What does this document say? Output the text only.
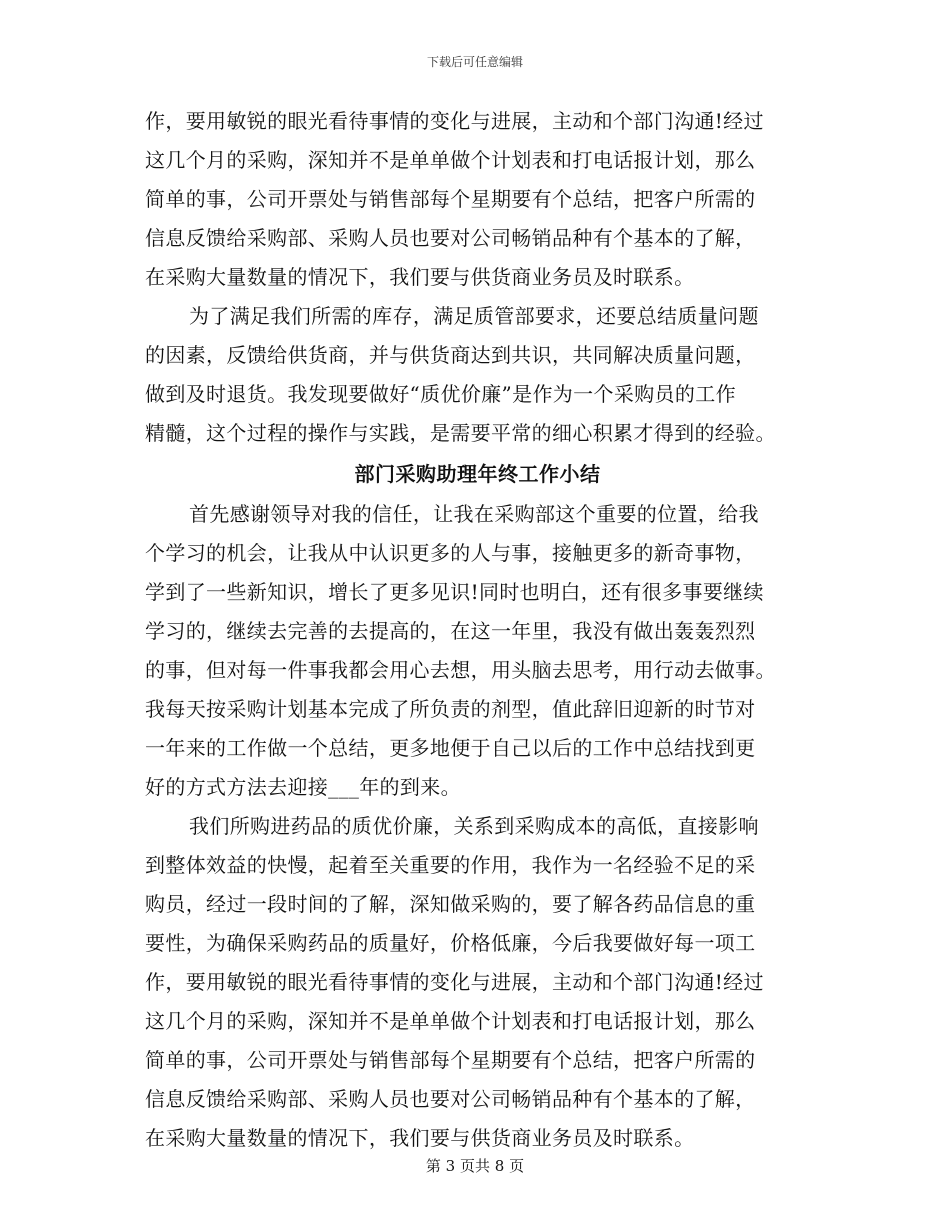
下载后可任意编辑
作，要用敏锐的眼光看待事情的变化与进展，主动和个部门沟通!经过
这几个月的采购，深知并不是单单做个计划表和打电话报计划，那么
简单的事，公司开票处与销售部每个星期要有个总结，把客户所需的
信息反馈给采购部、采购人员也要对公司畅销品种有个基本的了解，
在采购大量数量的情况下，我们要与供货商业务员及时联系。
为了满足我们所需的库存，满足质管部要求，还要总结质量问题
的因素，反馈给供货商，并与供货商达到共识，共同解决质量问题，
做到及时退货。我发现要做好“质优价廉”是作为一个采购员的工作
精髓，这个过程的操作与实践，是需要平常的细心积累才得到的经验。
部门采购助理年终工作小结
首先感谢领导对我的信任，让我在采购部这个重要的位置，给我
个学习的机会，让我从中认识更多的人与事，接触更多的新奇事物，
学到了一些新知识，增长了更多见识!同时也明白，还有很多事要继续
学习的，继续去完善的去提高的，在这一年里，我没有做出轰轰烈烈
的事，但对每一件事我都会用心去想，用头脑去思考，用行动去做事。
我每天按采购计划基本完成了所负责的剂型，值此辞旧迎新的时节对
一年来的工作做一个总结，更多地便于自己以后的工作中总结找到更
好的方式方法去迎接___年的到来。
我们所购进药品的质优价廉，关系到采购成本的高低，直接影响
到整体效益的快慢，起着至关重要的作用，我作为一名经验不足的采
购员，经过一段时间的了解，深知做采购的，要了解各药品信息的重
要性，为确保采购药品的质量好，价格低廉，今后我要做好每一项工
作，要用敏锐的眼光看待事情的变化与进展，主动和个部门沟通!经过
这几个月的采购，深知并不是单单做个计划表和打电话报计划，那么
简单的事，公司开票处与销售部每个星期要有个总结，把客户所需的
信息反馈给采购部、采购人员也要对公司畅销品种有个基本的了解，
在采购大量数量的情况下，我们要与供货商业务员及时联系。
第 3 页共 8 页
